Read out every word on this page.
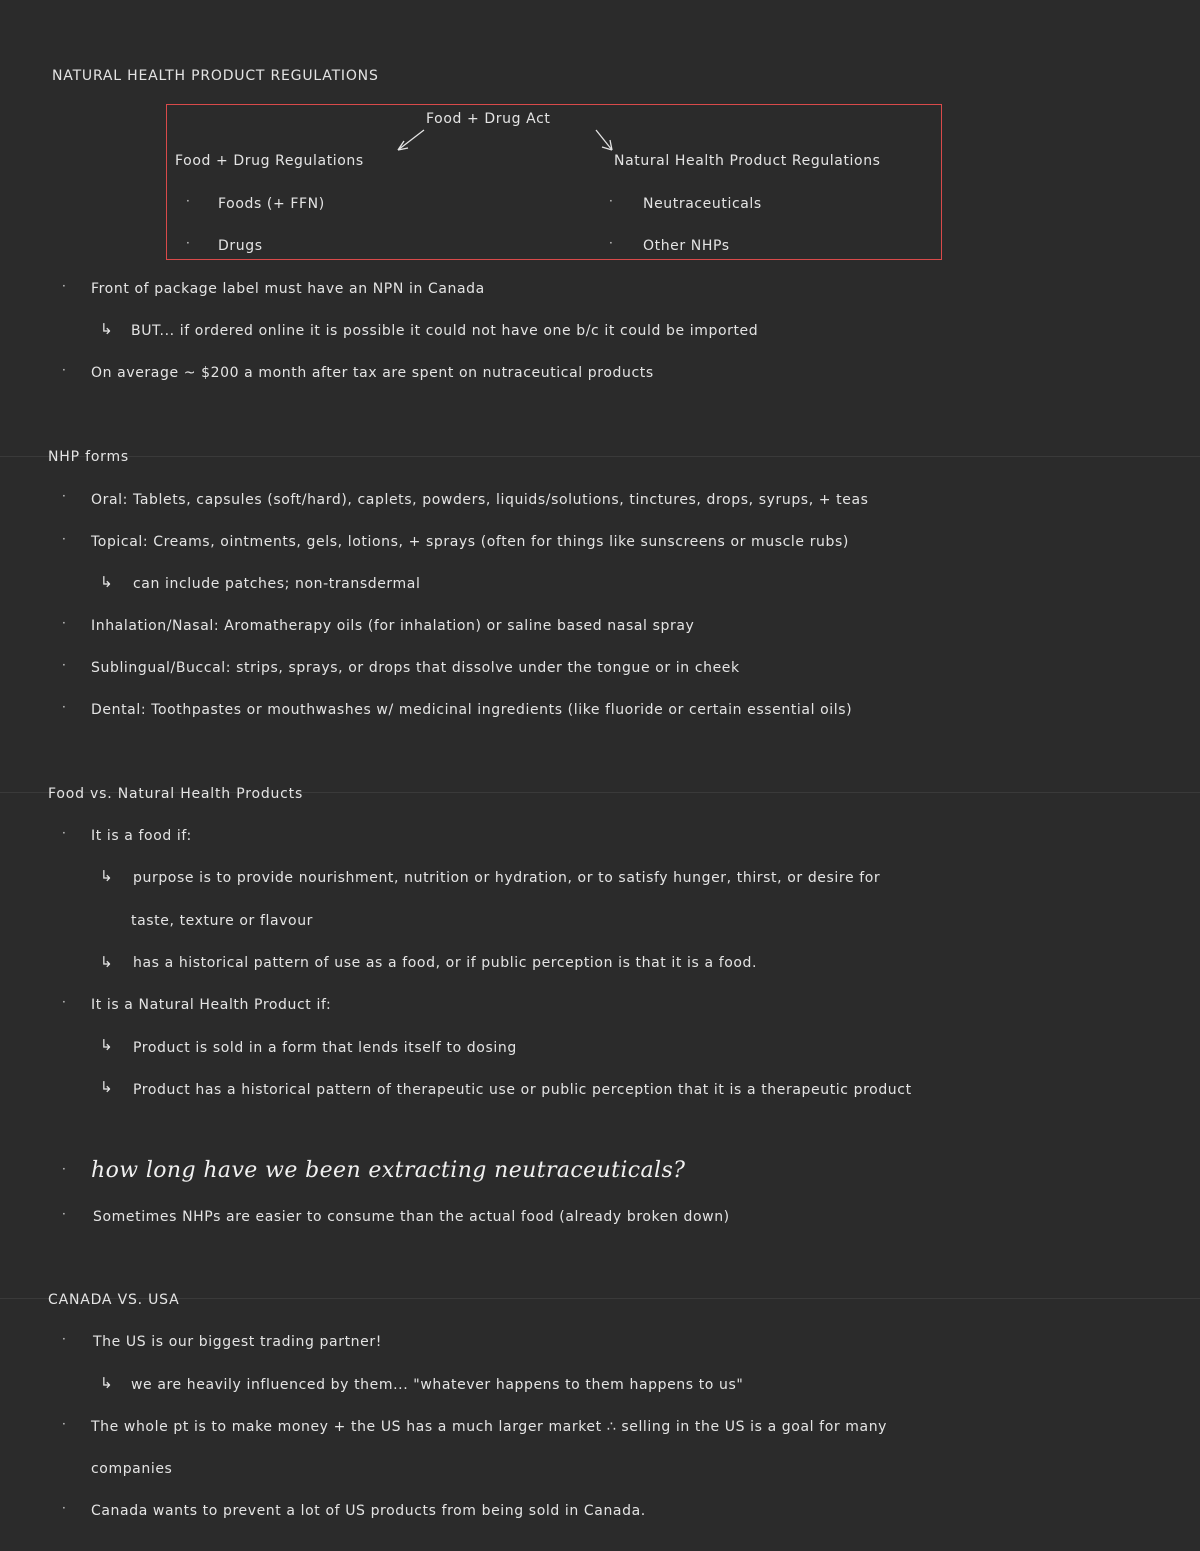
NATURAL HEALTH PRODUCT REGULATIONS
Food + Drug Act
Food + Drug Regulations	Natural Health Product Regulations
· Foods (+ FFN)
· Drugs
· Neutraceuticals
· Other NHPs
· Front of package label must have an NPN in Canada
↳ BUT... if ordered online it is possible it could not have one b/c it could be imported
· On average ~ $200 a month after tax are spent on nutraceutical products
NHP forms
· Oral: Tablets, capsules (soft/hard), caplets, powders, liquids/solutions, tinctures, drops, syrups, + teas
· Topical: Creams, ointments, gels, lotions, + sprays (often for things like sunscreens or muscle rubs)
↳ can include patches; non-transdermal
· Inhalation/Nasal: Aromatherapy oils (for inhalation) or saline based nasal spray
· Sublingual/Buccal: strips, sprays, or drops that dissolve under the tongue or in cheek
· Dental: Toothpastes or mouthwashes w/ medicinal ingredients (like fluoride or certain essential oils)
Food vs. Natural Health Products
· It is a food if:
↳ purpose is to provide nourishment, nutrition or hydration, or to satisfy hunger, thirst, or desire for
taste, texture or flavour
↳ has a historical pattern of use as a food, or if public perception is that it is a food.
· It is a Natural Health Product if:
↳ Product is sold in a form that lends itself to dosing
↳ Product has a historical pattern of therapeutic use or public perception that it is a therapeutic product
· how long have we been extracting neutraceuticals?
· Sometimes NHPs are easier to consume than the actual food (already broken down)
CANADA VS. USA
· The US is our biggest trading partner!
↳ we are heavily influenced by them... "whatever happens to them happens to us"
· The whole pt is to make money + the US has a much larger market ∴ selling in the US is a goal for many
companies
· Canada wants to prevent a lot of US products from being sold in Canada.
